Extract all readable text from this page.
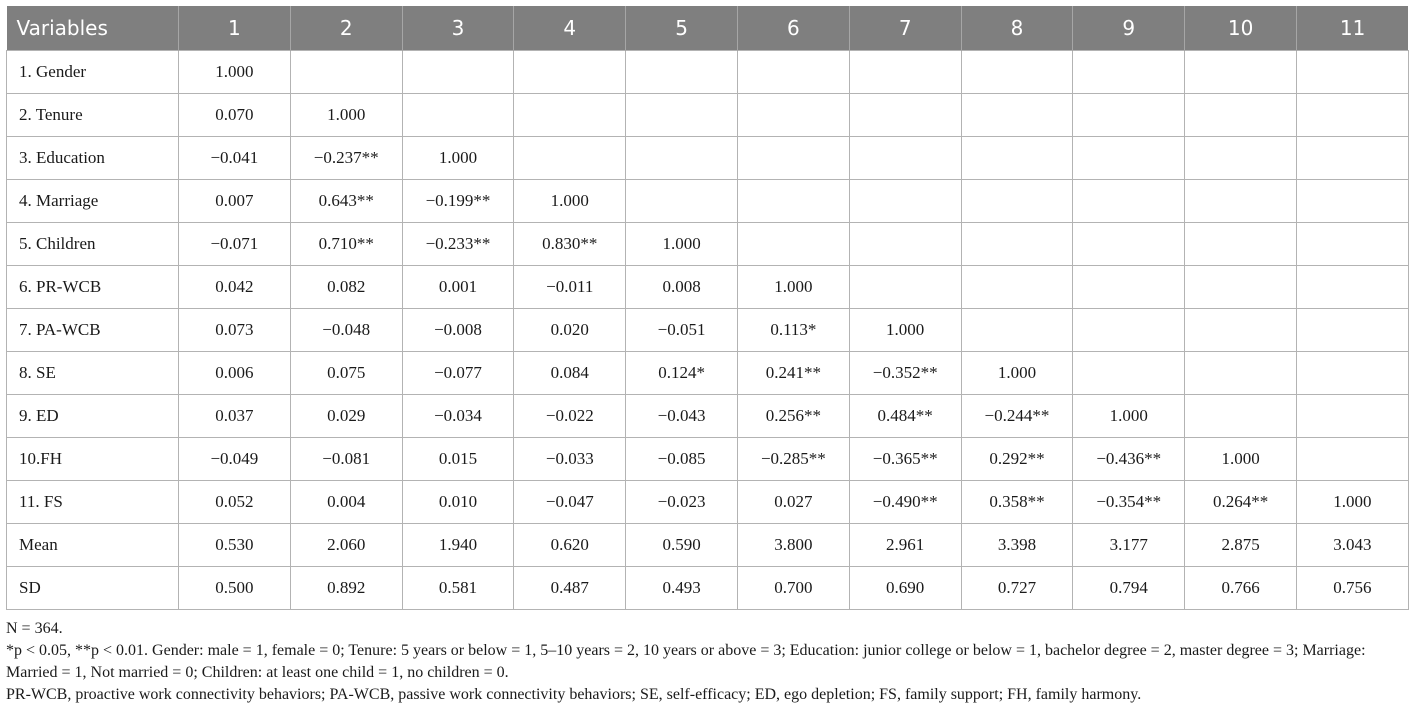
Variables	1	2	3	4	5	6	7	8	9	10	11
1. Gender	1.000										
2. Tenure	0.070	1.000									
3. Education	−0.041	−0.237**	1.000								
4. Marriage	0.007	0.643**	−0.199**	1.000							
5. Children	−0.071	0.710**	−0.233**	0.830**	1.000						
6. PR-WCB	0.042	0.082	0.001	−0.011	0.008	1.000					
7. PA-WCB	0.073	−0.048	−0.008	0.020	−0.051	0.113*	1.000				
8. SE	0.006	0.075	−0.077	0.084	0.124*	0.241**	−0.352**	1.000			
9. ED	0.037	0.029	−0.034	−0.022	−0.043	0.256**	0.484**	−0.244**	1.000		
10.FH	−0.049	−0.081	0.015	−0.033	−0.085	−0.285**	−0.365**	0.292**	−0.436**	1.000	
11. FS	0.052	0.004	0.010	−0.047	−0.023	0.027	−0.490**	0.358**	−0.354**	0.264**	1.000
Mean	0.530	2.060	1.940	0.620	0.590	3.800	2.961	3.398	3.177	2.875	3.043
SD	0.500	0.892	0.581	0.487	0.493	0.700	0.690	0.727	0.794	0.766	0.756
N = 364.
*p < 0.05, **p < 0.01. Gender: male = 1, female = 0; Tenure: 5 years or below = 1, 5–10 years = 2, 10 years or above = 3; Education: junior college or below = 1, bachelor degree = 2, master degree = 3; Marriage: Married = 1, Not married = 0; Children: at least one child = 1, no children = 0.
PR-WCB, proactive work connectivity behaviors; PA-WCB, passive work connectivity behaviors; SE, self-efficacy; ED, ego depletion; FS, family support; FH, family harmony.
